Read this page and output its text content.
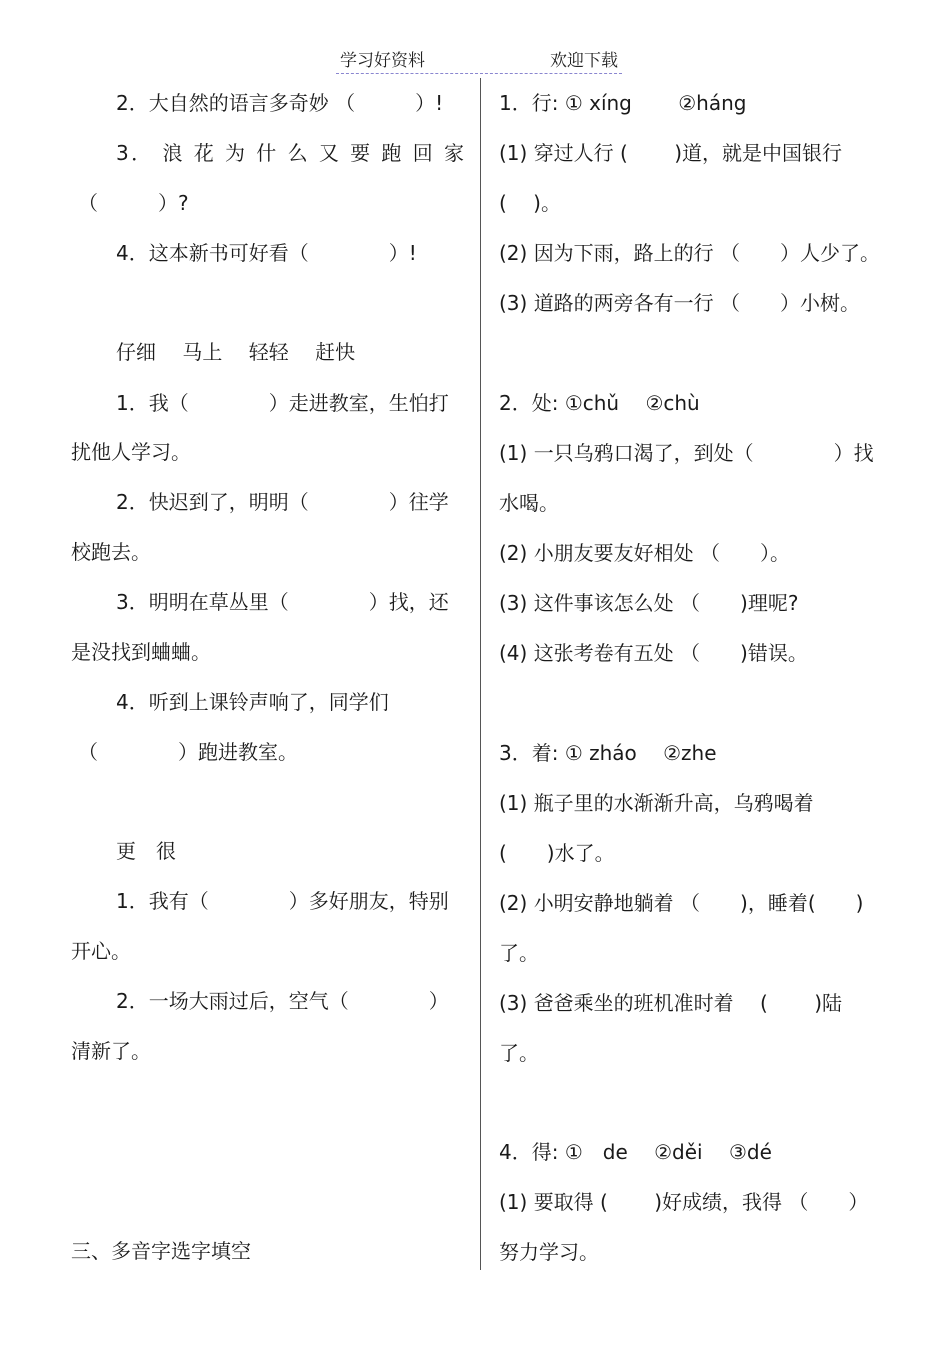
学习好资料	欢迎下载
2．大自然的语言多奇妙 （　　　）!
3． 浪 花 为 什 么 又 要 跑 回 家
（　　　）?
4．这本新书可好看（　　　　）!
仔细　 马上　 轻轻　 赶快
1．我（　　　　）走进教室，生怕打
扰他人学习。
2．快迟到了，明明（　　　　）往学
校跑去。
3．明明在草丛里（　　　　）找，还
是没找到蛐蛐。
4．听到上课铃声响了，同学们
（　　　　）跑进教室。
更　很
1．我有（　　　　）多好朋友，特别
开心。
2．一场大雨过后，空气（　　　　）
清新了。
三、多音字选字填空
1．行: ① xíng　　 ②háng
(1) 穿过人行 (　　 )道，就是中国银行
(　 )。
(2) 因为下雨，路上的行 （　　）人少了。
(3) 道路的两旁各有一行 （　　）小树。
2．处: ①chǔ　 ②chù
(1) 一只乌鸦口渴了，到处（　　　　）找
水喝。
(2) 小朋友要友好相处 （　　）。
(3) 这件事该怎么处 （　　)理呢?
(4) 这张考卷有五处 （　　)错误。
3．着: ① zháo　 ②zhe
(1) 瓶子里的水渐渐升高，乌鸦喝着
(　　)水了。
(2) 小明安静地躺着 （　　)，睡着(　　)
了。
(3) 爸爸乘坐的班机准时着　 (　　 )陆
了。
4．得: ①　de　 ②děi　 ③dé
(1) 要取得 (　　 )好成绩，我得 （　　）
努力学习。
